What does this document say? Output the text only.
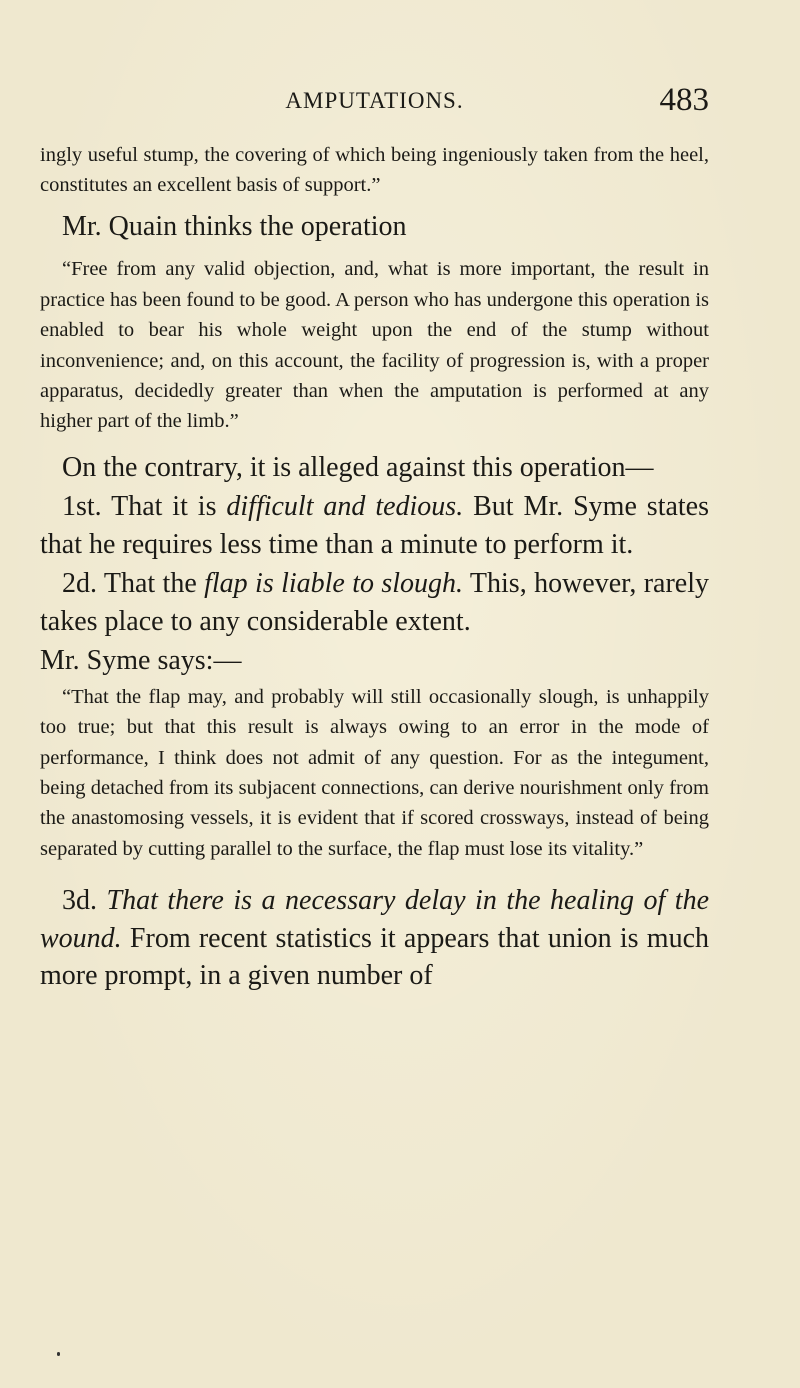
AMPUTATIONS.	483

ingly useful stump, the covering of which being ingeniously taken from the heel, constitutes an excellent basis of support.”

Mr. Quain thinks the operation

“Free from any valid objection, and, what is more important, the result in practice has been found to be good. A person who has undergone this operation is enabled to bear his whole weight upon the end of the stump without inconvenience; and, on this account, the facility of progression is, with a proper apparatus, decidedly greater than when the amputation is performed at any higher part of the limb.”

On the contrary, it is alleged against this operation—

1st. That it is difficult and tedious. But Mr. Syme states that he requires less time than a minute to perform it.

2d. That the flap is liable to slough. This, however, rarely takes place to any considerable extent.

Mr. Syme says:—

“That the flap may, and probably will still occasionally slough, is unhappily too true; but that this result is always owing to an error in the mode of performance, I think does not admit of any question. For as the integument, being detached from its subjacent connections, can derive nourishment only from the anastomosing vessels, it is evident that if scored crossways, instead of being separated by cutting parallel to the surface, the flap must lose its vitality.”

3d. That there is a necessary delay in the healing of the wound. From recent statistics it appears that union is much more prompt, in a given number of
